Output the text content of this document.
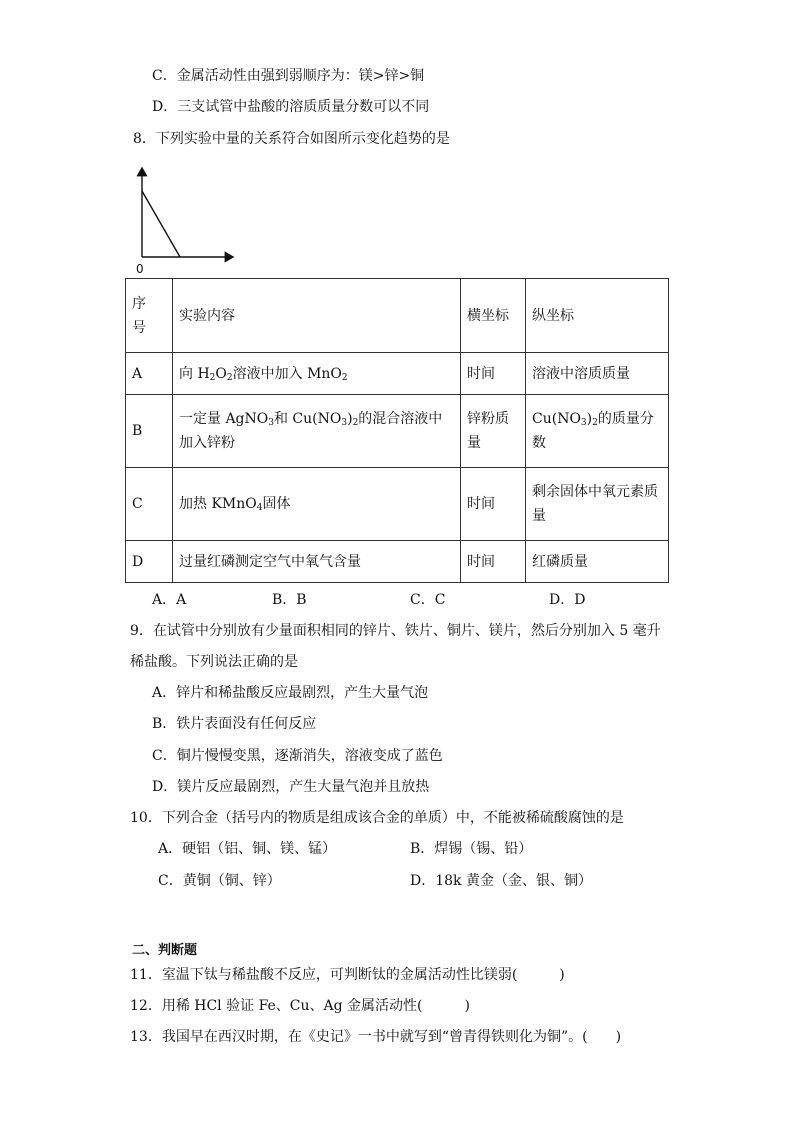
C．金属活动性由强到弱顺序为：镁>锌>铜
D．三支试管中盐酸的溶质质量分数可以不同
8．下列实验中量的关系符合如图所示变化趋势的是
0
序号	实验内容	横坐标	纵坐标
A	向 $H_2O_2$溶液中加入 MnO$_2$	时间	溶液中溶质质量
B	一定量 AgNO$_3$和 $Cu(NO_3)_2$的混合溶液中加入锌粉	锌粉质量	$Cu(NO_3)_2$的质量分数
C	加热 KMnO$_4$固体	时间	剩余固体中氧元素质量
D	过量红磷测定空气中氧气含量	时间	红磷质量
A．A	B．B	C．C	D．D
9．在试管中分别放有少量面积相同的锌片、铁片、铜片、镁片，然后分别加入 5 毫升
稀盐酸。下列说法正确的是
A．锌片和稀盐酸反应最剧烈，产生大量气泡
B．铁片表面没有任何反应
C．铜片慢慢变黑，逐渐消失，溶液变成了蓝色
D．镁片反应最剧烈，产生大量气泡并且放热
10．下列合金（括号内的物质是组成该合金的单质）中，不能被稀硫酸腐蚀的是
A．硬铝（铝、铜、镁、锰）	B．焊锡（锡、铅）
C．黄铜（铜、锌）	D．18k 黄金（金、银、铜）
二、判断题
11．室温下钛与稀盐酸不反应，可判断钛的金属活动性比镁弱(　　　)
12．用稀 HCl 验证 Fe、Cu、Ag 金属活动性(　　　)
13．我国早在西汉时期，在《史记》一书中就写到“曾青得铁则化为铜”。(　　)
